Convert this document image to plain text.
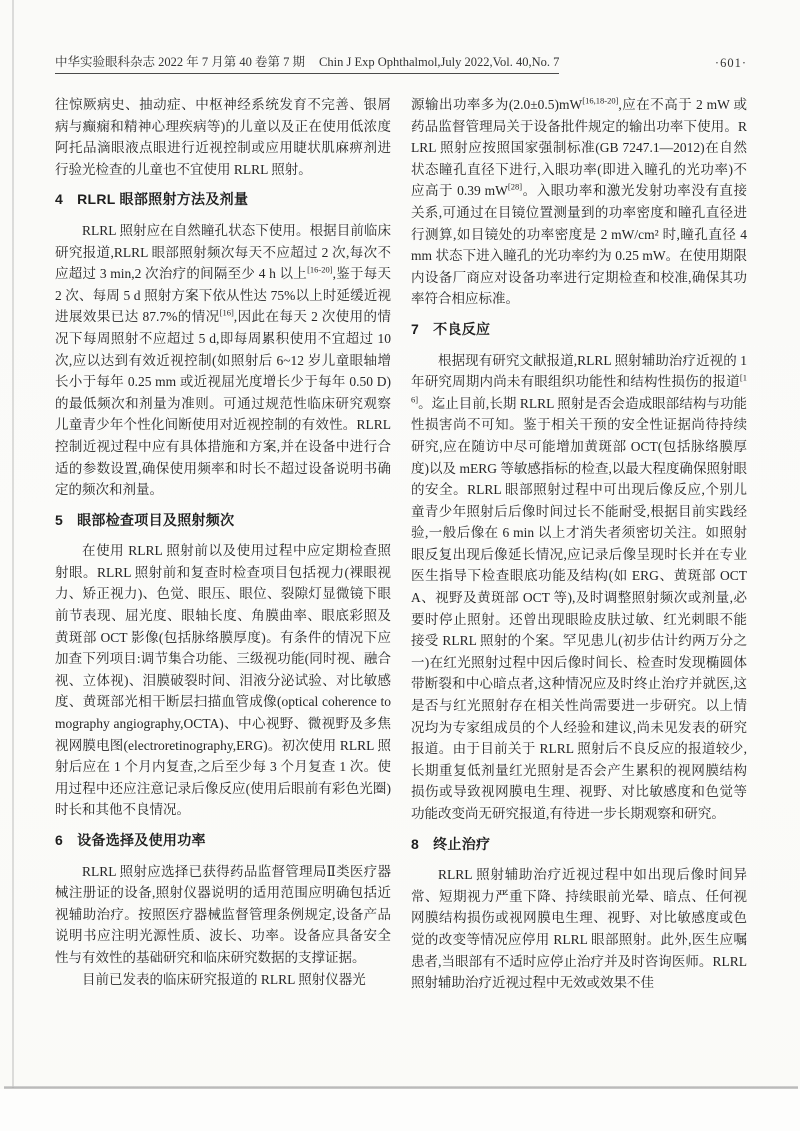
中华实验眼科杂志 2022 年 7 月第 40 卷第 7 期 Chin J Exp Ophthalmol,July 2022,Vol. 40,No. 7	·601·

往惊厥病史、抽动症、中枢神经系统发育不完善、银屑病与癫痫和精神心理疾病等)的儿童以及正在使用低浓度阿托品滴眼液点眼进行近视控制或应用睫状肌麻痹剂进行验光检查的儿童也不宜使用 RLRL 照射。

4 RLRL 眼部照射方法及剂量

RLRL 照射应在自然瞳孔状态下使用。根据目前临床研究报道,RLRL 眼部照射频次每天不应超过 2 次,每次不应超过 3 min,2 次治疗的间隔至少 4 h 以上[16-20],鉴于每天 2 次、每周 5 d 照射方案下依从性达 75%以上时延缓近视进展效果已达 87.7%的情况[16],因此在每天 2 次使用的情况下每周照射不应超过 5 d,即每周累积使用不宜超过 10 次,应以达到有效近视控制(如照射后 6~12 岁儿童眼轴增长小于每年 0.25 mm 或近视屈光度增长少于每年 0.50 D)的最低频次和剂量为准则。可通过规范性临床研究观察儿童青少年个性化间断使用对近视控制的有效性。RLRL 控制近视过程中应有具体措施和方案,并在设备中进行合适的参数设置,确保使用频率和时长不超过设备说明书确定的频次和剂量。

5 眼部检查项目及照射频次

在使用 RLRL 照射前以及使用过程中应定期检查照射眼。RLRL 照射前和复查时检查项目包括视力(裸眼视力、矫正视力)、色觉、眼压、眼位、裂隙灯显微镜下眼前节表现、屈光度、眼轴长度、角膜曲率、眼底彩照及黄斑部 OCT 影像(包括脉络膜厚度)。有条件的情况下应加查下列项目:调节集合功能、三级视功能(同时视、融合视、立体视)、泪膜破裂时间、泪液分泌试验、对比敏感度、黄斑部光相干断层扫描血管成像(optical coherence tomography angiography,OCTA)、中心视野、微视野及多焦视网膜电图(electroretinography,ERG)。初次使用 RLRL 照射后应在 1 个月内复查,之后至少每 3 个月复查 1 次。使用过程中还应注意记录后像反应(使用后眼前有彩色光圈)时长和其他不良情况。

6 设备选择及使用功率

RLRL 照射应选择已获得药品监督管理局Ⅱ类医疗器械注册证的设备,照射仪器说明的适用范围应明确包括近视辅助治疗。按照医疗器械监督管理条例规定,设备产品说明书应注明光源性质、波长、功率。设备应具备安全性与有效性的基础研究和临床研究数据的支撑证据。

目前已发表的临床研究报道的 RLRL 照射仪器光

源输出功率多为(2.0±0.5)mW[16,18-20],应在不高于 2 mW 或药品监督管理局关于设备批件规定的输出功率下使用。RLRL 照射应按照国家强制标准(GB 7247.1—2012)在自然状态瞳孔直径下进行,入眼功率(即进入瞳孔的光功率)不应高于 0.39 mW[28]。入眼功率和激光发射功率没有直接关系,可通过在目镜位置测量到的功率密度和瞳孔直径进行测算,如目镜处的功率密度是 2 mW/cm² 时,瞳孔直径 4 mm 状态下进入瞳孔的光功率约为 0.25 mW。在使用期限内设备厂商应对设备功率进行定期检查和校准,确保其功率符合相应标准。

7 不良反应

根据现有研究文献报道,RLRL 照射辅助治疗近视的 1 年研究周期内尚未有眼组织功能性和结构性损伤的报道[16]。迄止目前,长期 RLRL 照射是否会造成眼部结构与功能性损害尚不可知。鉴于相关干预的安全性证据尚待持续研究,应在随访中尽可能增加黄斑部 OCT(包括脉络膜厚度)以及 mERG 等敏感指标的检查,以最大程度确保照射眼的安全。RLRL 眼部照射过程中可出现后像反应,个别儿童青少年照射后后像时间过长不能耐受,根据目前实践经验,一般后像在 6 min 以上才消失者须密切关注。如照射眼反复出现后像延长情况,应记录后像呈现时长并在专业医生指导下检查眼底功能及结构(如 ERG、黄斑部 OCTA、视野及黄斑部 OCT 等),及时调整照射频次或剂量,必要时停止照射。还曾出现眼睑皮肤过敏、红光刺眼不能接受 RLRL 照射的个案。罕见患儿(初步估计约两万分之一)在红光照射过程中因后像时间长、检查时发现椭圆体带断裂和中心暗点者,这种情况应及时终止治疗并就医,这是否与红光照射存在相关性尚需要进一步研究。以上情况均为专家组成员的个人经验和建议,尚未见发表的研究报道。由于目前关于 RLRL 照射后不良反应的报道较少,长期重复低剂量红光照射是否会产生累积的视网膜结构损伤或导致视网膜电生理、视野、对比敏感度和色觉等功能改变尚无研究报道,有待进一步长期观察和研究。

8 终止治疗

RLRL 照射辅助治疗近视过程中如出现后像时间异常、短期视力严重下降、持续眼前光晕、暗点、任何视网膜结构损伤或视网膜电生理、视野、对比敏感度或色觉的改变等情况应停用 RLRL 眼部照射。此外,医生应嘱患者,当眼部有不适时应停止治疗并及时咨询医师。RLRL 照射辅助治疗近视过程中无效或效果不佳
